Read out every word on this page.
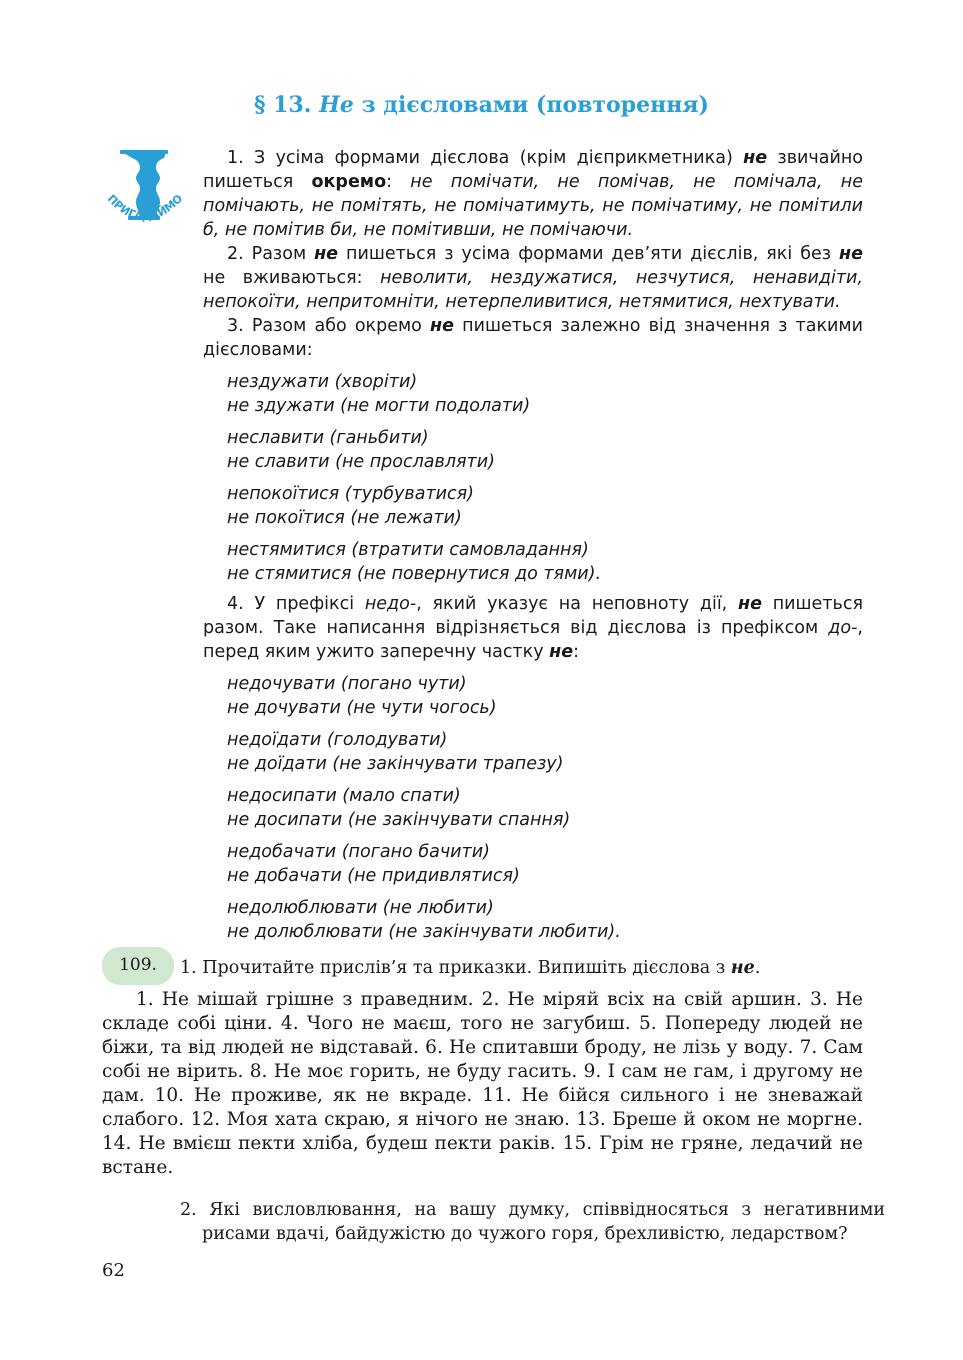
§ 13. Не з дієсловами (повторення)
ПРИГАДАЙМО

1. З усіма формами дієслова (крім дієприкметника) не звичайно пишеться окремо: не помічати, не помічав, не помічала, не помічають, не помітять, не помічатимуть, не помічатиму, не помітили б, не помітив би, не помітивши, не помічаючи.

2. Разом не пишеться з усіма формами дев’яти дієслів, які без не не вживаються: неволити, нездужатися, незчутися, ненавидіти, непокоїти, непритомніти, нетерпеливитися, нетямитися, нехтувати.

3. Разом або окремо не пишеться залежно від значення з такими дієсловами:

нездужати (хворіти)
не здужати (не могти подолати)
неславити (ганьбити)
не славити (не прославляти)
непокоїтися (турбуватися)
не покоїтися (не лежати)
нестямитися (втратити самовладання)
не стямитися (не повернутися до тями).

4. У префіксі недо-, який указує на неповноту дії, не пишеться разом. Таке написання відрізняється від дієслова із префіксом до-, перед яким ужито заперечну частку не:

недочувати (погано чути)
не дочувати (не чути чогось)
недоїдати (голодувати)
не доїдати (не закінчувати трапезу)
недосипати (мало спати)
не досипати (не закінчувати спання)
недобачати (погано бачити)
не добачати (не придивлятися)
недолюблювати (не любити)
не долюблювати (не закінчувати любити).
109.	1. Прочитайте прислів’я та приказки. Випишіть дієслова з не.
1. Не мішай грішне з праведним. 2. Не міряй всіх на свій аршин. 3. Не складе собі ціни. 4. Чого не маєш, того не загубиш. 5. Попереду людей не біжи, та від людей не відставай. 6. Не спитавши броду, не лізь у воду. 7. Сам собі не вірить. 8. Не моє горить, не буду гасить. 9. І сам не гам, і другому не дам. 10. Не проживе, як не вкраде. 11. Не бійся сильного і не зневажай слабого. 12. Моя хата скраю, я нічого не знаю. 13. Бреше й оком не моргне. 14. Не вмієш пекти хліба, будеш пекти раків. 15. Грім не гряне, ледачий не встане.
2. Які висловлювання, на вашу думку, співвідносяться з негативними рисами вдачі, байдужістю до чужого горя, брехливістю, ледарством?
62
